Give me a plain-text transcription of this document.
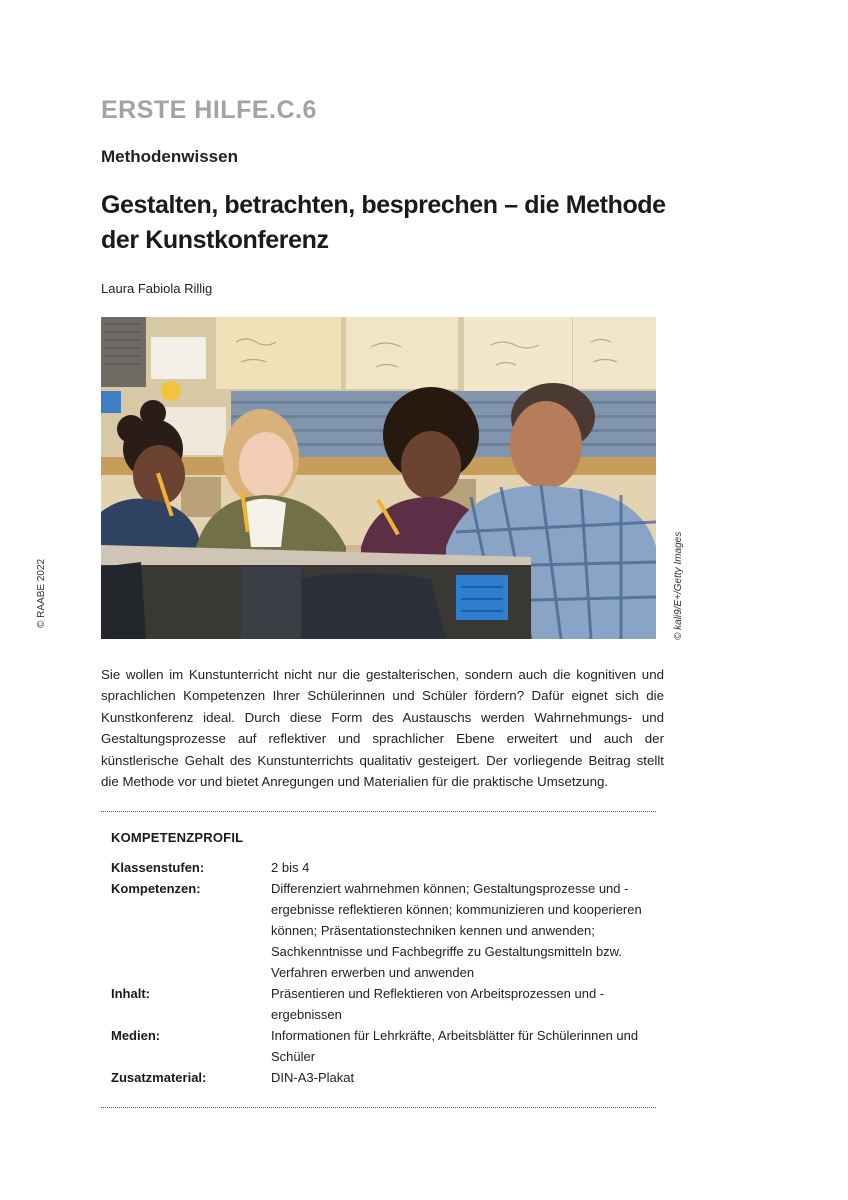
ERSTE HILFE.C.6
Methodenwissen
Gestalten, betrachten, besprechen – die Methode der Kunstkonferenz
Laura Fabiola Rillig
© kali9/E+/Getty Images
© RAABE 2022
Sie wollen im Kunstunterricht nicht nur die gestalterischen, sondern auch die kognitiven und sprachlichen Kompetenzen Ihrer Schülerinnen und Schüler fördern? Dafür eignet sich die Kunstkonferenz ideal. Durch diese Form des Austauschs werden Wahrnehmungs- und Gestaltungsprozesse auf reflektiver und sprachlicher Ebene erweitert und auch der künstlerische Gehalt des Kunstunterrichts qualitativ gesteigert. Der vorliegende Beitrag stellt die Methode vor und bietet Anregungen und Materialien für die praktische Umsetzung.
KOMPETENZPROFIL
Klassenstufen:	2 bis 4
Kompetenzen:	Differenziert wahrnehmen können; Gestaltungsprozesse und -ergebnisse reflektieren können; kommunizieren und kooperieren können; Präsentationstechniken kennen und anwenden; Sachkenntnisse und Fachbegriffe zu Gestaltungsmitteln bzw. Verfahren erwerben und anwenden
Inhalt:	Präsentieren und Reflektieren von Arbeitsprozessen und -ergebnissen
Medien:	Informationen für Lehrkräfte, Arbeitsblätter für Schülerinnen und Schüler
Zusatzmaterial:	DIN-A3-Plakat
